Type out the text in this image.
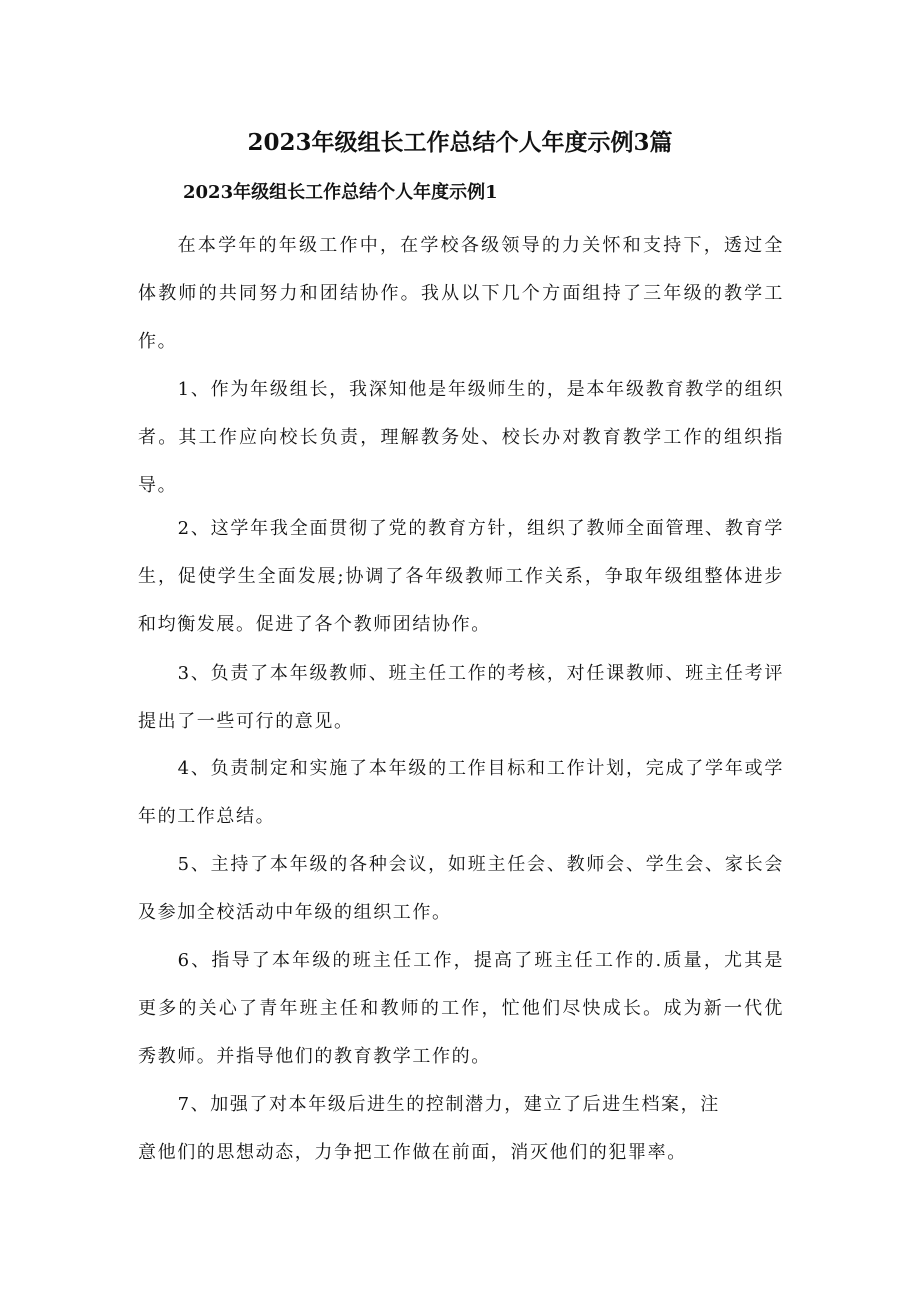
2023年级组长工作总结个人年度示例3篇
2023年级组长工作总结个人年度示例1
在本学年的年级工作中，在学校各级领导的力关怀和支持下，透过全体教师的共同努力和团结协作。我从以下几个方面组持了三年级的教学工作。
1、作为年级组长，我深知他是年级师生的，是本年级教育教学的组织者。其工作应向校长负责，理解教务处、校长办对教育教学工作的组织指导。
2、这学年我全面贯彻了党的教育方针，组织了教师全面管理、教育学生，促使学生全面发展;协调了各年级教师工作关系，争取年级组整体进步和均衡发展。促进了各个教师团结协作。
3、负责了本年级教师、班主任工作的考核，对任课教师、班主任考评提出了一些可行的意见。
4、负责制定和实施了本年级的工作目标和工作计划，完成了学年或学年的工作总结。
5、主持了本年级的各种会议，如班主任会、教师会、学生会、家长会及参加全校活动中年级的组织工作。
6、指导了本年级的班主任工作，提高了班主任工作的.质量，尤其是更多的关心了青年班主任和教师的工作，忙他们尽快成长。成为新一代优秀教师。并指导他们的教育教学工作的。
7、加强了对本年级后进生的控制潜力，建立了后进生档案，注
意他们的思想动态，力争把工作做在前面，消灭他们的犯罪率。
